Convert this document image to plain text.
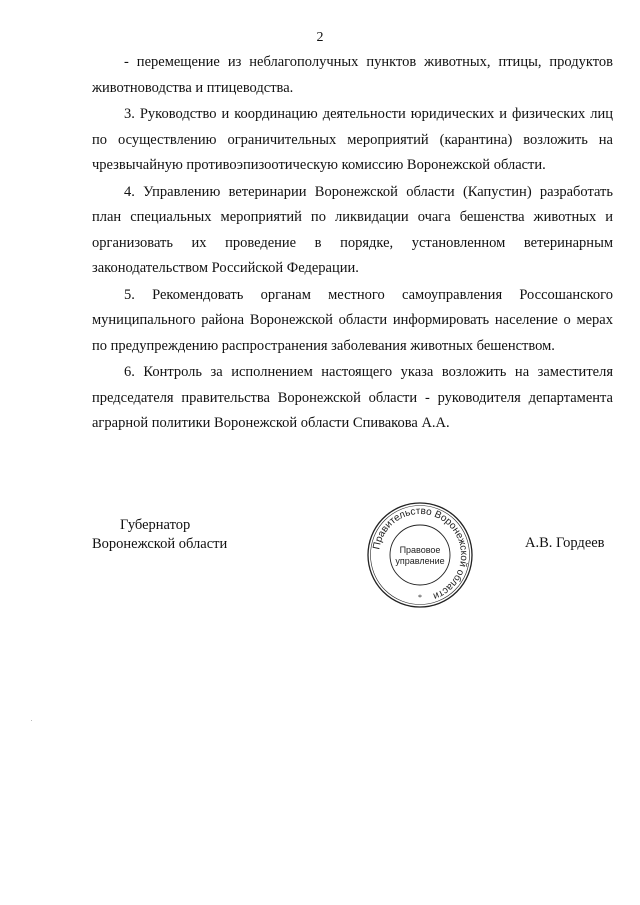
2

- перемещение из неблагополучных пунктов животных, птицы, продуктов животноводства и птицеводства.

3. Руководство и координацию деятельности юридических и физических лиц по осуществлению ограничительных мероприятий (карантина) возложить на чрезвычайную противоэпизоотическую комиссию Воронежской области.

4. Управлению ветеринарии Воронежской области (Капустин) разработать план специальных мероприятий по ликвидации очага бешенства животных и организовать их проведение в порядке, установленном ветеринарным законодательством Российской Федерации.

5. Рекомендовать органам местного самоуправления Россошанского муниципального района Воронежской области информировать население о мерах по предупреждению распространения заболевания животных бешенством.

6. Контроль за исполнением настоящего указа возложить на заместителя председателя правительства Воронежской области - руководителя департамента аграрной политики Воронежской области Спивакова А.А.

Губернатор
Воронежской области	Правительство Воронежской области
Правовое
управление
*
А.В. Гордеев
